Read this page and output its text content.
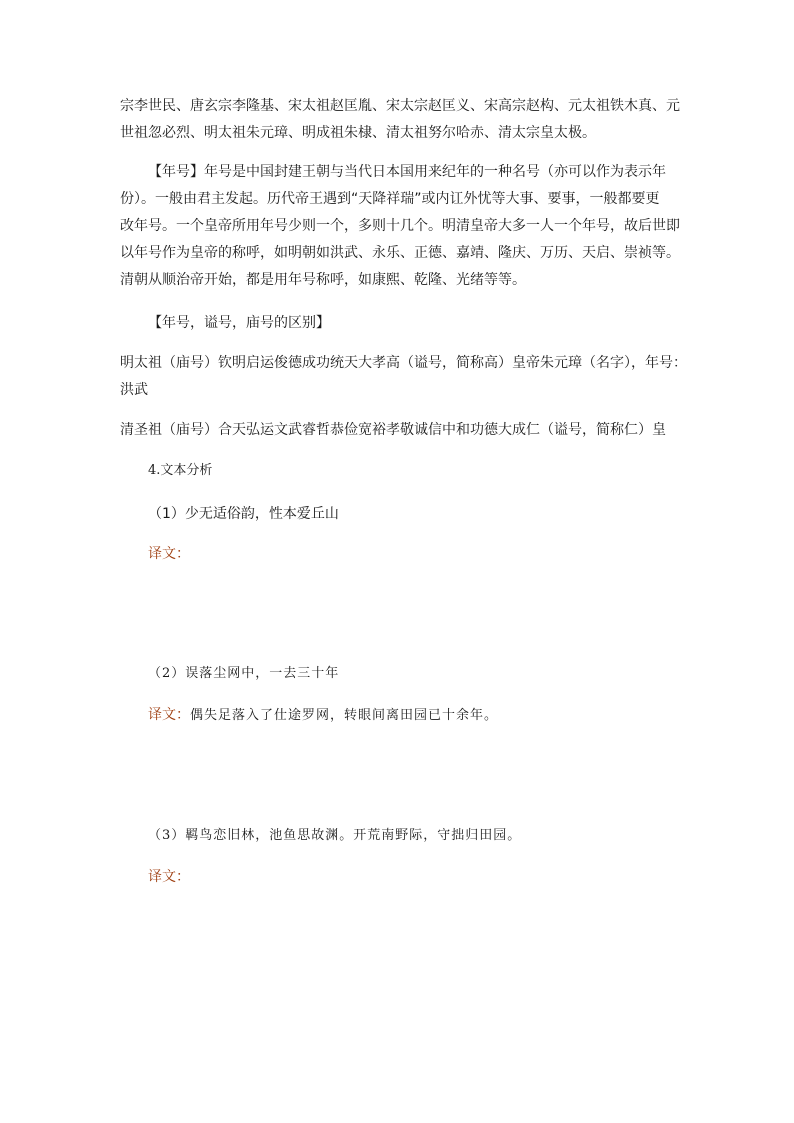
宗李世民、唐玄宗李隆基、宋太祖赵匡胤、宋太宗赵匡义、宋高宗赵构、元太祖铁木真、元
世祖忽必烈、明太祖朱元璋、明成祖朱棣、清太祖努尔哈赤、清太宗皇太极。
【年号】年号是中国封建王朝与当代日本国用来纪年的一种名号（亦可以作为表示年
份）。一般由君主发起。历代帝王遇到“天降祥瑞”或内讧外忧等大事、要事，一般都要更
改年号。一个皇帝所用年号少则一个，多则十几个。明清皇帝大多一人一个年号，故后世即
以年号作为皇帝的称呼，如明朝如洪武、永乐、正德、嘉靖、隆庆、万历、天启、崇祯等。
清朝从顺治帝开始，都是用年号称呼，如康熙、乾隆、光绪等等。
【年号，谥号，庙号的区别】
明太祖（庙号）钦明启运俊德成功统天大孝高（谥号，简称高）皇帝朱元璋（名字），年号：
洪武
清圣祖（庙号）合天弘运文武睿哲恭俭宽裕孝敬诚信中和功德大成仁（谥号，简称仁）皇
4.文本分析
（1）少无适俗韵，性本爱丘山
译文：
（2）误落尘网中，一去三十年
译文：偶失足落入了仕途罗网，转眼间离田园已十余年。
（3）羁鸟恋旧林，池鱼思故渊。开荒南野际，守拙归田园。
译文：
